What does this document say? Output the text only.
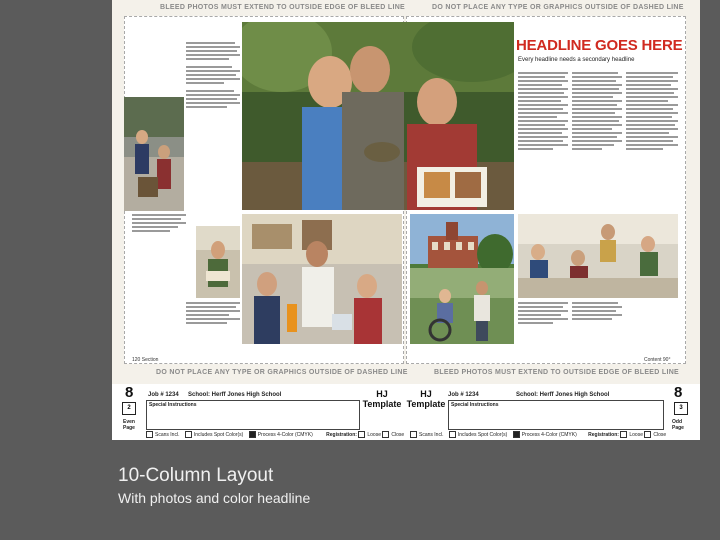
BLEED PHOTOS MUST EXTEND TO OUTSIDE EDGE OF BLEED LINE	DO NOT PLACE ANY TYPE OR GRAPHICS OUTSIDE OF DASHED LINE
DO NOT PLACE ANY TYPE OR GRAPHICS OUTSIDE OF DASHED LINE	BLEED PHOTOS MUST EXTEND TO OUTSIDE EDGE OF BLEED LINE
HEADLINE GOES HERE
Every headline needs a secondary headline
120 Section	Content 90°
8	8
2	3
Even Page
Odd Page
Job # 1234 School: Herff Jones High School	Job # 1234	School: Herff Jones High School
Special Instructions	Special Instructions
HJ Template
HJ Template
Scans Incl.	Includes Spot Color(s)	Process 4-Color (CMYK)	Registration: Loose Close	Scans Incl.	Includes Spot Color(s)	Process 4-Color (CMYK) Registration: Loose Close
10-Column Layout
With photos and color headline
